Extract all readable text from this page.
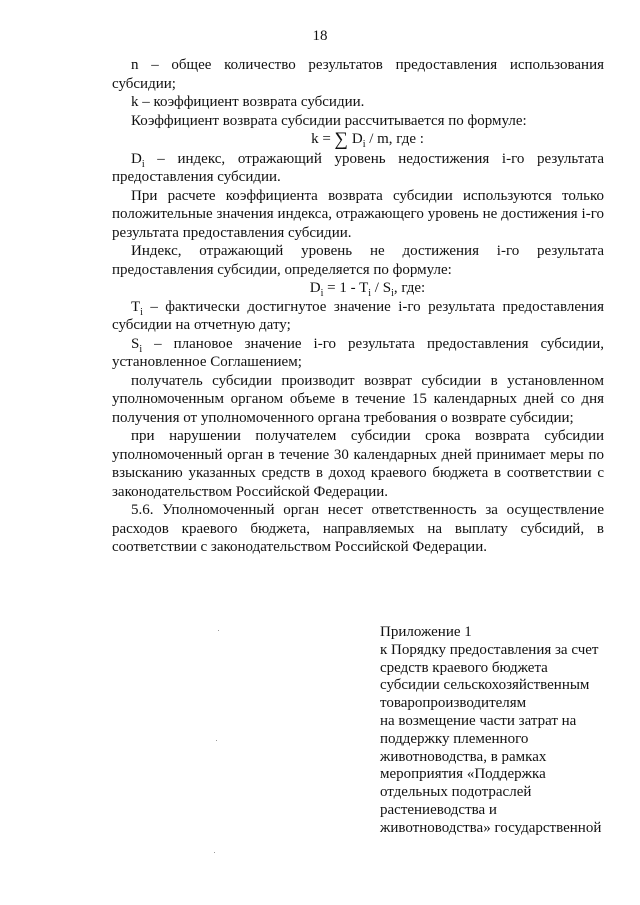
18

n – общее количество результатов предоставления использования субсидии;

k – коэффициент возврата субсидии.

Коэффициент возврата субсидии рассчитывается по формуле:

k = ∑ $D_i$ / m, где :

$D_i$ – индекс, отражающий уровень недостижения i-го результата предоставления субсидии.

При расчете коэффициента возврата субсидии используются только положительные значения индекса, отражающего уровень не достижения i-го результата предоставления субсидии.

Индекс, отражающий уровень не достижения i-го результата предоставления субсидии, определяется по формуле:

$D_i = 1 - T_i / S_i$, где:

$T_i$ – фактически достигнутое значение i-го результата предоставления субсидии на отчетную дату;

$S_i$ – плановое значение i-го результата предоставления субсидии, установленное Соглашением;

получатель субсидии производит возврат субсидии в установленном уполномоченным органом объеме в течение 15 календарных дней со дня получения от уполномоченного органа требования о возврате субсидии;

при нарушении получателем субсидии срока возврата субсидии уполномоченный орган в течение 30 календарных дней принимает меры по взысканию указанных средств в доход краевого бюджета в соответствии с законодательством Российской Федерации.

5.6. Уполномоченный орган несет ответственность за осуществление расходов краевого бюджета, направляемых на выплату субсидий, в соответствии с законодательством Российской Федерации.

Приложение 1
к Порядку предоставления за счет
средств краевого бюджета
субсидии сельскохозяйственным
товаропроизводителям
на возмещение части затрат на
поддержку племенного
животноводства, в рамках
мероприятия «Поддержка
отдельных подотраслей
растениеводства и
животноводства» государственной
